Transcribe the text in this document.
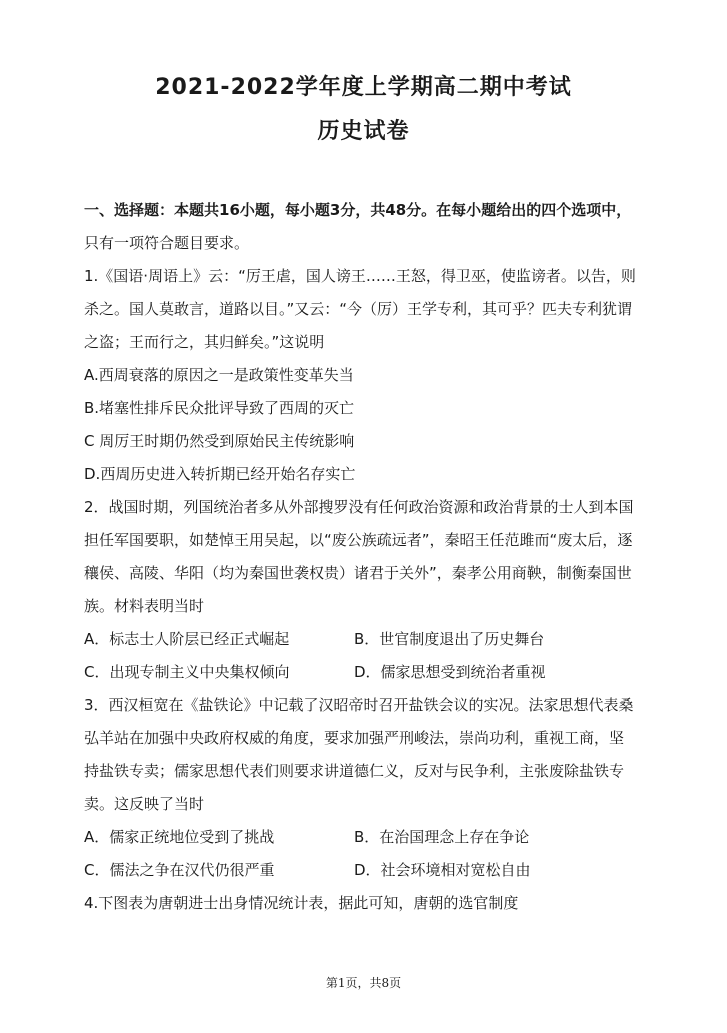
2021-2022学年度上学期高二期中考试
历史试卷
一、选择题：本题共16小题，每小题3分，共48分。在每小题给出的四个选项中，
只有一项符合题目要求。
1.《国语·周语上》云：“厉王虐，国人谤王……王怒，得卫巫，使监谤者。以告，则
杀之。国人莫敢言，道路以目。”又云：“今（厉）王学专利，其可乎？匹夫专利犹谓
之盗；王而行之，其归鲜矣。”这说明
A.西周衰落的原因之一是政策性变革失当
B.堵塞性排斥民众批评导致了西周的灭亡
C 周厉王时期仍然受到原始民主传统影响
D.西周历史进入转折期已经开始名存实亡
2．战国时期，列国统治者多从外部搜罗没有任何政治资源和政治背景的士人到本国
担任军国要职，如楚悼王用吴起，以“废公族疏远者”，秦昭王任范雎而“废太后，逐
穰侯、高陵、华阳（均为秦国世袭权贵）诸君于关外”，秦孝公用商鞅，制衡秦国世
族。材料表明当时
A．标志士人阶层已经正式崛起	B．世官制度退出了历史舞台
C．出现专制主义中央集权倾向	D．儒家思想受到统治者重视
3．西汉桓宽在《盐铁论》中记载了汉昭帝时召开盐铁会议的实况。法家思想代表桑
弘羊站在加强中央政府权威的角度，要求加强严刑峻法，崇尚功利，重视工商，坚
持盐铁专卖；儒家思想代表们则要求讲道德仁义，反对与民争利，主张废除盐铁专
卖。这反映了当时
A．儒家正统地位受到了挑战	B．在治国理念上存在争论
C．儒法之争在汉代仍很严重	D．社会环境相对宽松自由
4.下图表为唐朝进士出身情况统计表，据此可知，唐朝的选官制度
第1页，共8页
